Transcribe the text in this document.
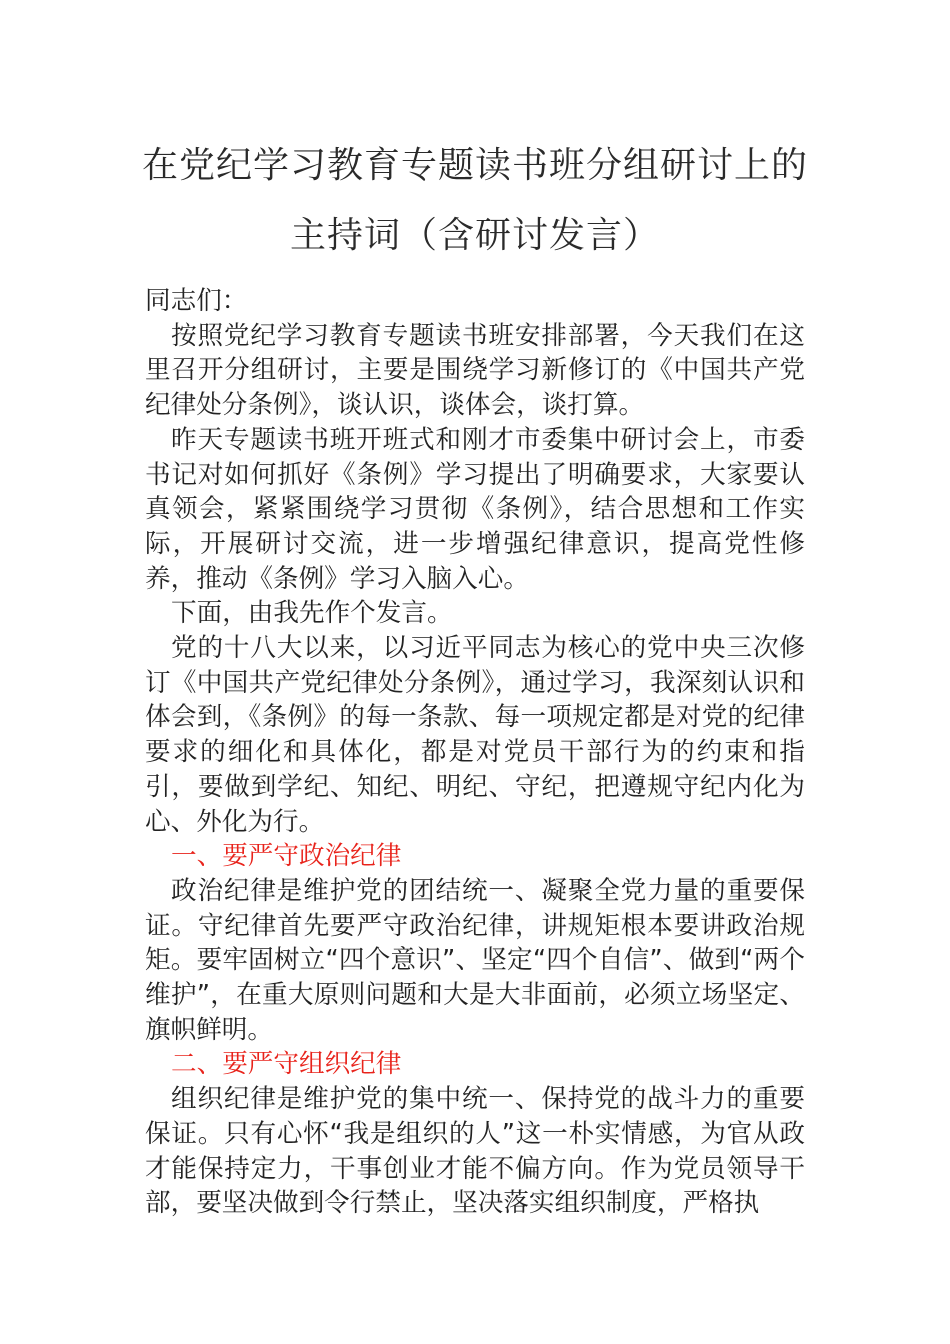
在党纪学习教育专题读书班分组研讨上的
主持词（含研讨发言）

同志们：

按照党纪学习教育专题读书班安排部署，今天我们在这里召开分组研讨，主要是围绕学习新修订的《中国共产党纪律处分条例》，谈认识，谈体会，谈打算。

昨天专题读书班开班式和刚才市委集中研讨会上，市委书记对如何抓好《条例》学习提出了明确要求，大家要认真领会，紧紧围绕学习贯彻《条例》，结合思想和工作实际，开展研讨交流，进一步增强纪律意识，提高党性修养，推动《条例》学习入脑入心。

下面，由我先作个发言。

党的十八大以来，以习近平同志为核心的党中央三次修订《中国共产党纪律处分条例》，通过学习，我深刻认识和体会到，《条例》的每一条款、每一项规定都是对党的纪律要求的细化和具体化，都是对党员干部行为的约束和指引，要做到学纪、知纪、明纪、守纪，把遵规守纪内化为心、外化为行。

一、要严守政治纪律

政治纪律是维护党的团结统一、凝聚全党力量的重要保证。守纪律首先要严守政治纪律，讲规矩根本要讲政治规矩。要牢固树立“四个意识”、坚定“四个自信”、做到“两个维护”，在重大原则问题和大是大非面前，必须立场坚定、旗帜鲜明。

二、要严守组织纪律

组织纪律是维护党的集中统一、保持党的战斗力的重要保证。只有心怀“我是组织的人”这一朴实情感，为官从政才能保持定力，干事创业才能不偏方向。作为党员领导干部，要坚决做到令行禁止，坚决落实组织制度，严格执
